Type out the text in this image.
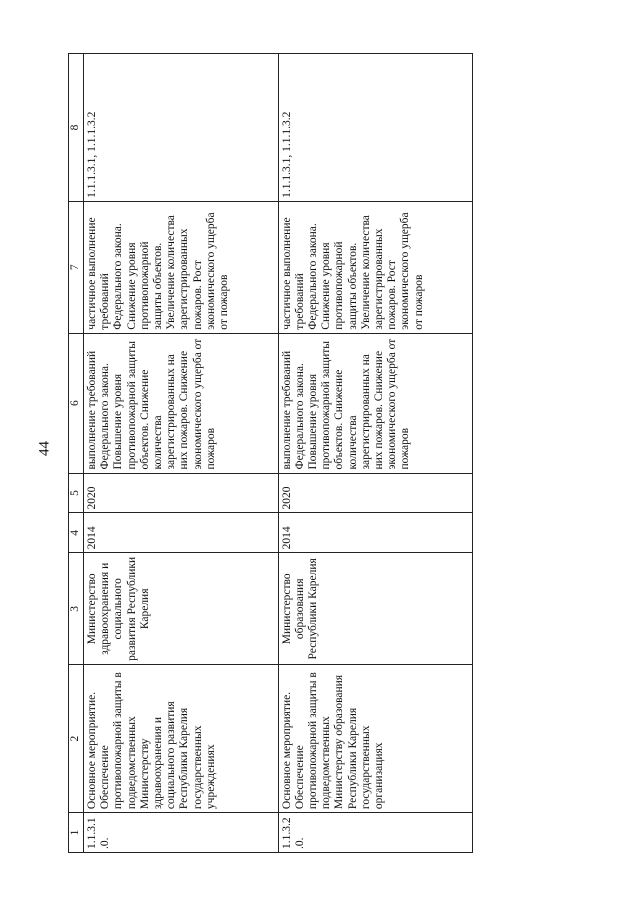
44
1	2	3	4	5	6	7	8
1.1.3.1.0.	Основное мероприятие. Обеспечение противопожарной защиты в подведомственных Министерству здравоохранения и социального развития Республики Карелия государственных учреждениях	Министерство здравоохранения и социального развития Республики Карелия	2014	2020	выполнение требований Федерального закона. Повышение уровня противопожарной защиты объектов. Снижение количества зарегистрированных на них пожаров. Снижение экономического ущерба от пожаров	частичное выполнение требований Федерального закона. Снижение уровня противопожарной защиты объектов. Увеличение количества зарегистрированных пожаров. Рост экономического ущерба от пожаров	1.1.1.3.1, 1.1.1.3.2
1.1.3.2.0.	Основное мероприятие. Обеспечение противопожарной защиты в подведомственных Министерству образования Республики Карелия государственных организациях	Министерство образования Республики Карелия	2014	2020	выполнение требований Федерального закона. Повышение уровня противопожарной защиты объектов. Снижение количества зарегистрированных на них пожаров. Снижение экономического ущерба от пожаров	частичное выполнение требований Федерального закона. Снижение уровня противопожарной защиты объектов. Увеличение количества зарегистрированных пожаров. Рост экономического ущерба от пожаров	1.1.1.3.1, 1.1.1.3.2
